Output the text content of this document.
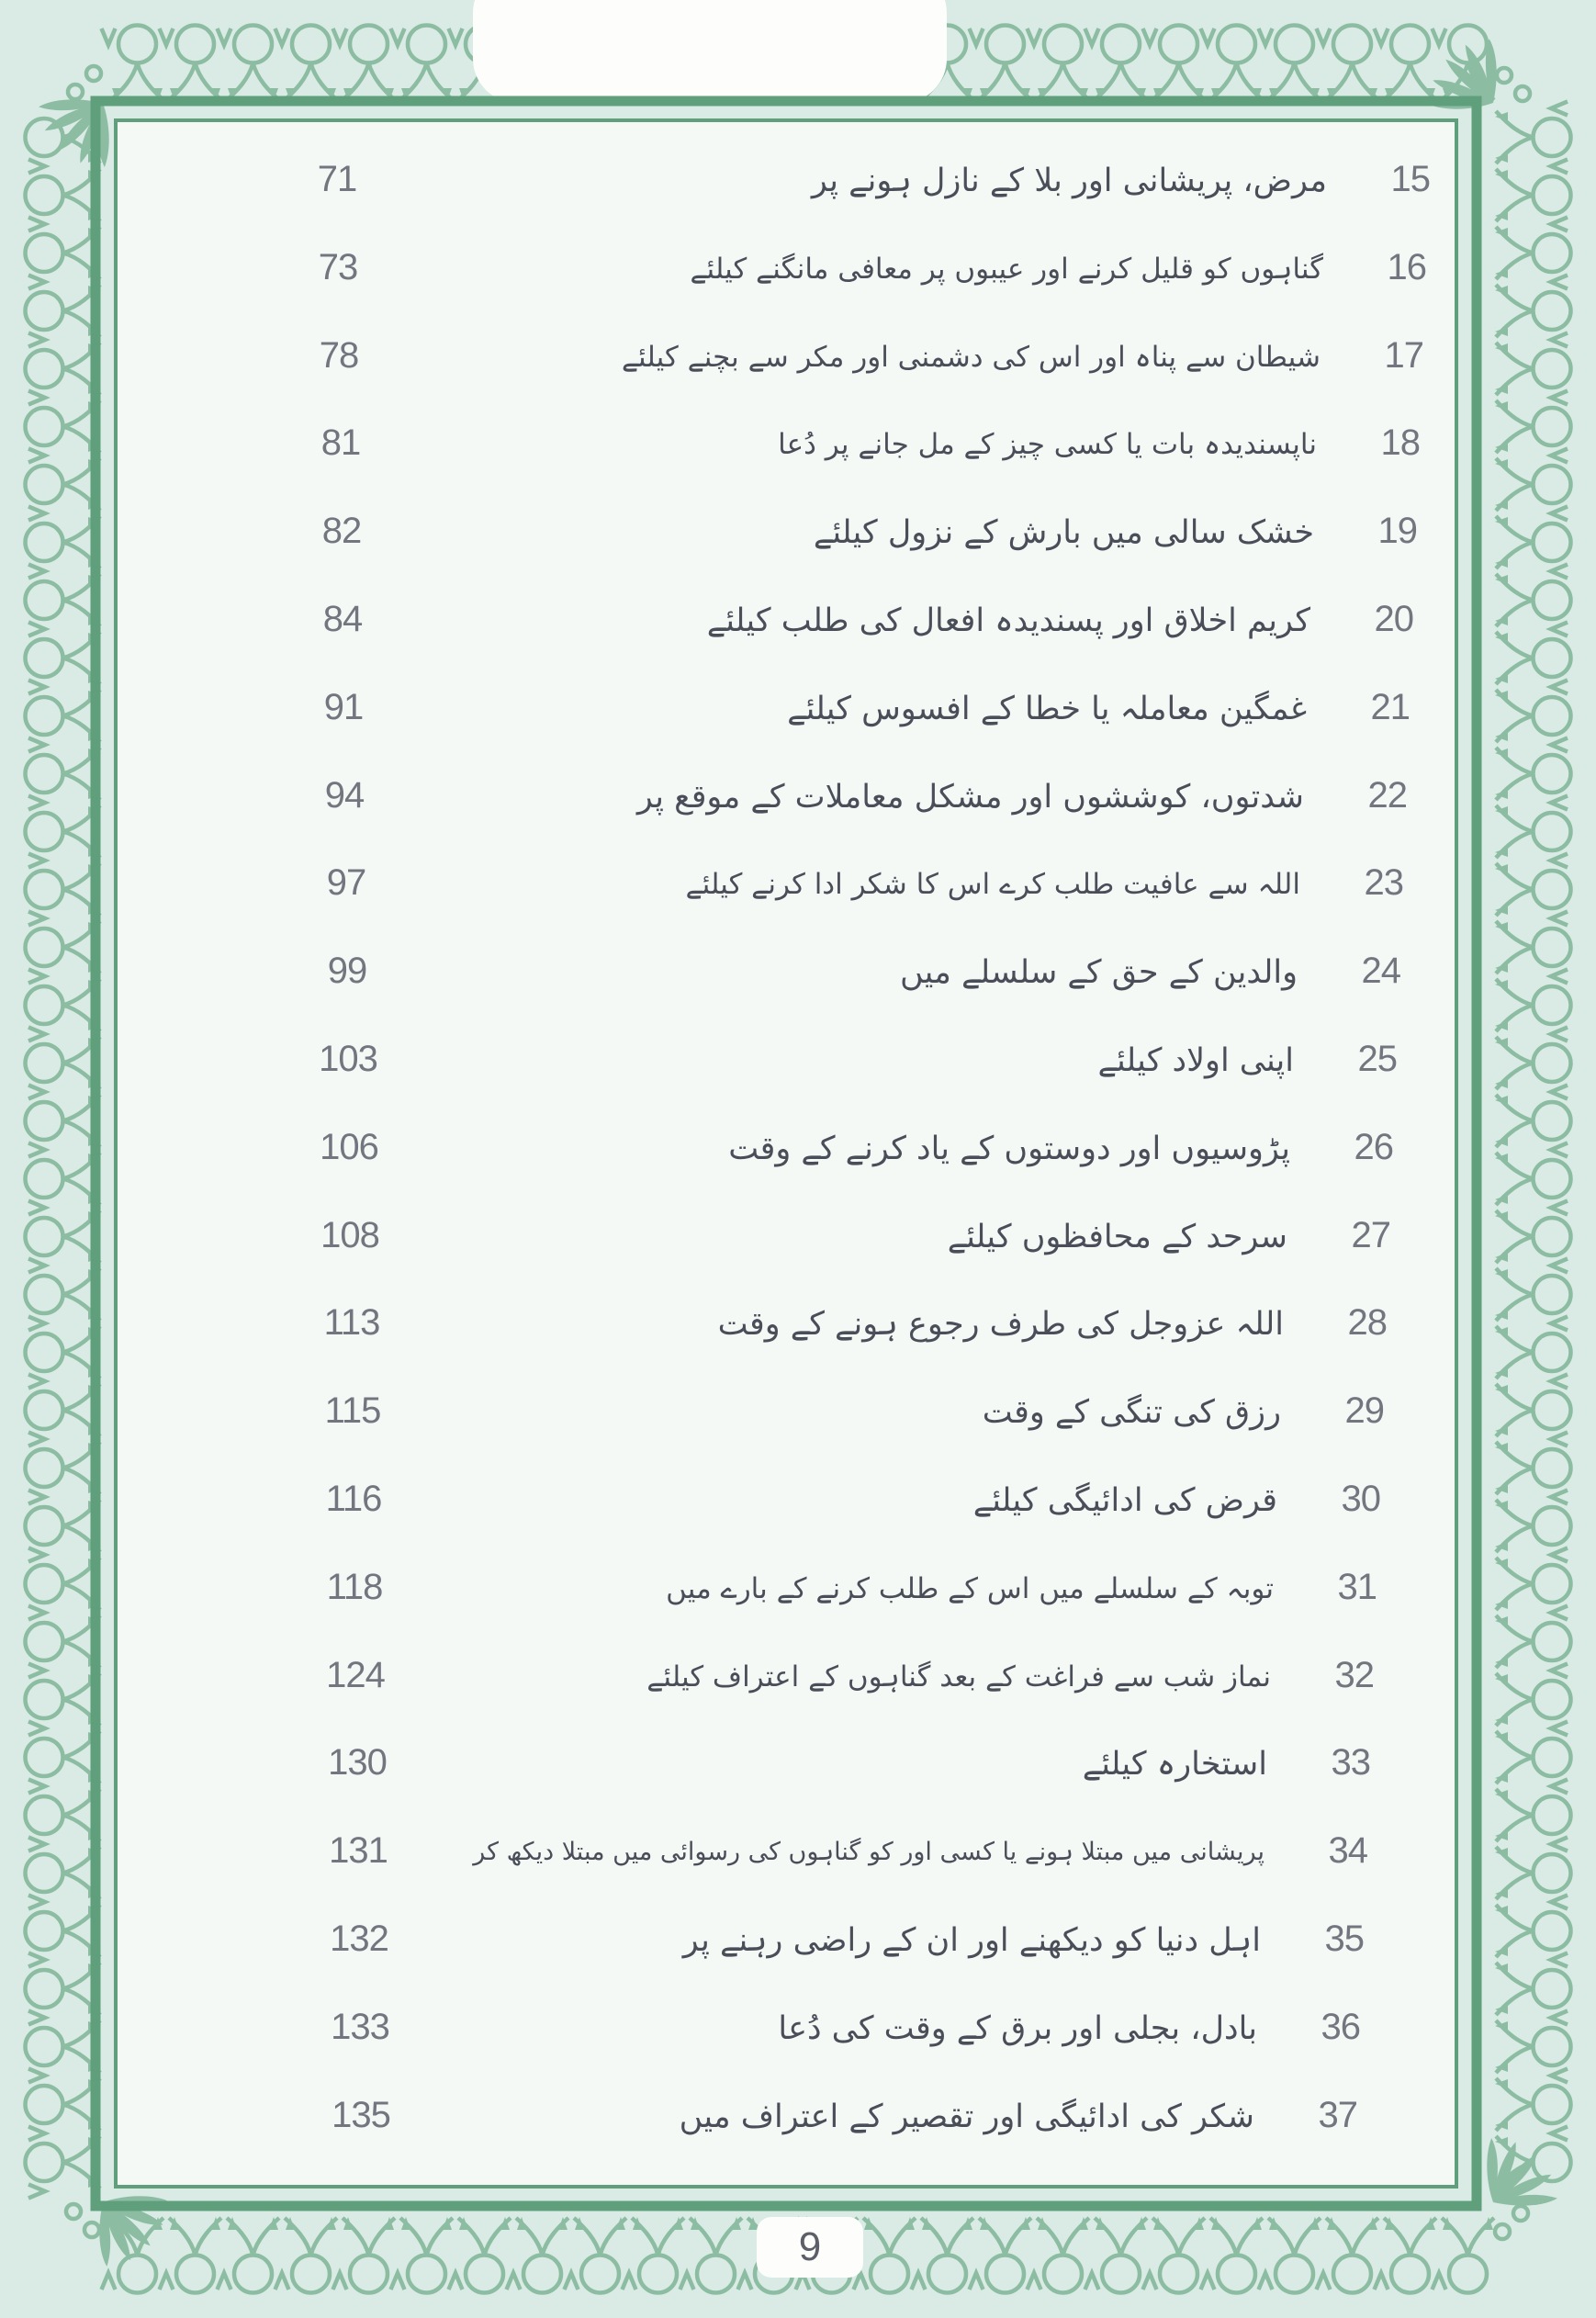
71	مرض، پریشانی اور بلا کے نازل ہونے پر	15
73	گناہوں کو قلیل کرنے اور عیبوں پر معافی مانگنے کیلئے	16
78	شیطان سے پناہ اور اس کی دشمنی اور مکر سے بچنے کیلئے	17
81	ناپسندیدہ بات یا کسی چیز کے مل جانے پر دُعا	18
82	خشک سالی میں بارش کے نزول کیلئے	19
84	کریم اخلاق اور پسندیدہ افعال کی طلب کیلئے	20
91	غمگین معاملہ یا خطا کے افسوس کیلئے	21
94	شدتوں، کوششوں اور مشکل معاملات کے موقع پر	22
97	اللہ سے عافیت طلب کرے اس کا شکر ادا کرنے کیلئے	23
99	والدین کے حق کے سلسلے میں	24
103	اپنی اولاد کیلئے	25
106	پڑوسیوں اور دوستوں کے یاد کرنے کے وقت	26
108	سرحد کے محافظوں کیلئے	27
113	اللہ عزوجل کی طرف رجوع ہونے کے وقت	28
115	رزق کی تنگی کے وقت	29
116	قرض کی ادائیگی کیلئے	30
118	توبہ کے سلسلے میں اس کے طلب کرنے کے بارے میں	31
124	نماز شب سے فراغت کے بعد گناہوں کے اعتراف کیلئے	32
130	استخارہ کیلئے	33
131	پریشانی میں مبتلا ہونے یا کسی اور کو گناہوں کی رسوائی میں مبتلا دیکھ کر	34
132	اہل دنیا کو دیکھنے اور ان کے راضی رہنے پر	35
133	بادل، بجلی اور برق کے وقت کی دُعا	36
135	شکر کی ادائیگی اور تقصیر کے اعتراف میں	37
9
